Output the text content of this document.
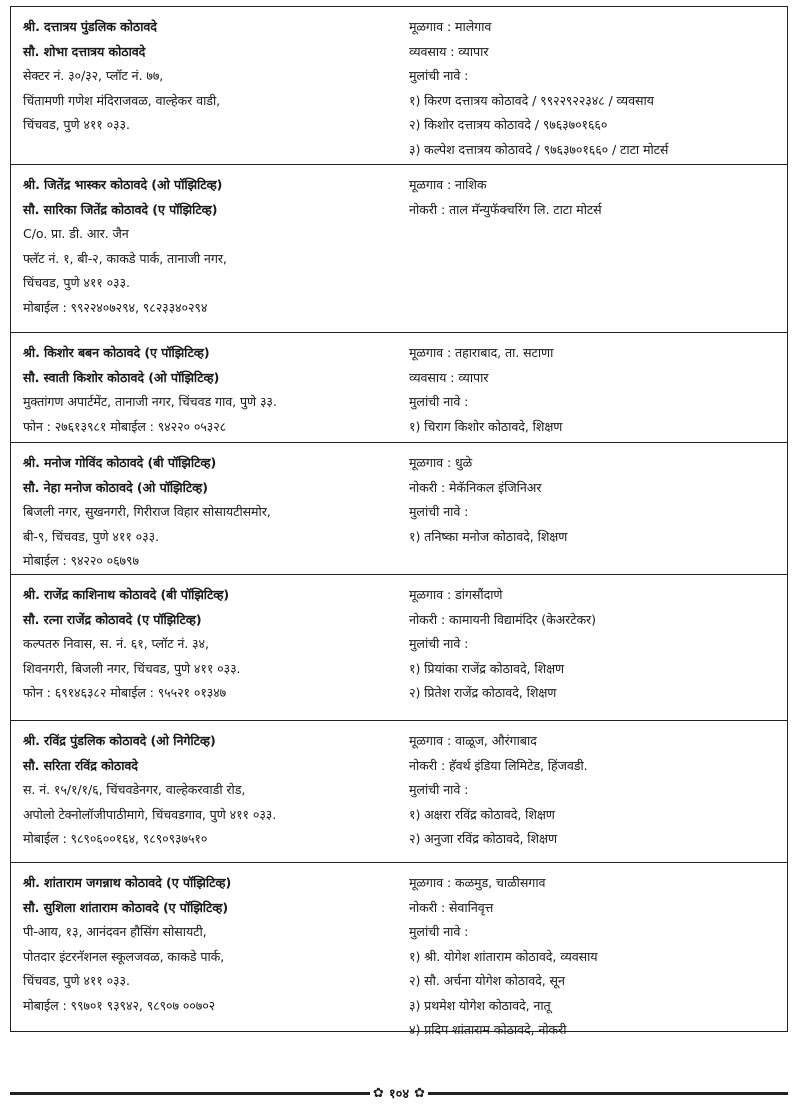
श्री. दत्तात्रय पुंडलिक कोठावदे
सौ. शोभा दत्तात्रय कोठावदे
सेक्टर नं. ३०/३२, प्लॉट नं. ७७,
चिंतामणी गणेश मंदिराजवळ, वाल्हेकर वाडी,
चिंचवड, पुणे ४११ ०३३.
मूळगाव : मालेगाव
व्यवसाय : व्यापार
मुलांची नावे :
१) किरण दत्तात्रय कोठावदे / ९९२२९२२३४८ / व्यवसाय
२) किशोर दत्तात्रय कोठावदे / ९७६३७०१६६०
३) कल्पेश दत्तात्रय कोठावदे / ९७६३७०१६६० / टाटा मोटर्स
श्री. जितेंद्र भास्कर कोठावदे (ओ पॉझिटिव्ह)
सौ. सारिका जितेंद्र कोठावदे (ए पॉझिटिव्ह)
C/o. प्रा. डी. आर. जैन
फ्लॅट नं. १, बी-२, काकडे पार्क, तानाजी नगर,
चिंचवड, पुणे ४११ ०३३.
मोबाईल : ९९२२४०७२९४, ९८२३३४०२९४
मूळगाव : नाशिक
नोकरी : ताल मॅन्युफॅक्चरिंग लि. टाटा मोटर्स
श्री. किशोर बबन कोठावदे (ए पॉझिटिव्ह)
सौ. स्वाती किशोर कोठावदे (ओ पॉझिटिव्ह)
मुक्तांगण अपार्टमेंट, तानाजी नगर, चिंचवड गाव, पुणे ३३.
फोन : २७६१३९८१ मोबाईल : ९४२२० ०५३२८
मूळगाव : तहाराबाद, ता. सटाणा
व्यवसाय : व्यापार
मुलांची नावे :
१) चिराग किशोर कोठावदे, शिक्षण
श्री. मनोज गोविंद कोठावदे (बी पॉझिटिव्ह)
सौ. नेहा मनोज कोठावदे (ओ पॉझिटिव्ह)
बिजली नगर, सुखनगरी, गिरीराज विहार सोसायटीसमोर,
बी-९, चिंचवड, पुणे ४११ ०३३.
मोबाईल : ९४२२० ०६७९७
मूळगाव : धुळे
नोकरी : मेकॅनिकल इंजिनिअर
मुलांची नावे :
१) तनिष्का मनोज कोठावदे, शिक्षण
श्री. राजेंद्र काशिनाथ कोठावदे (बी पॉझिटिव्ह)
सौ. रत्ना राजेंद्र कोठावदे (ए पॉझिटिव्ह)
कल्पतरु निवास, स. नं. ६१, प्लॉट नं. ३४,
शिवनगरी, बिजली नगर, चिंचवड, पुणे ४११ ०३३.
फोन : ६९१४६३८२ मोबाईल : ९५५२१ ०१३४७
मूळगाव : डांगसौंदाणे
नोकरी : कामायनी विद्यामंदिर (केअरटेकर)
मुलांची नावे :
१) प्रियांका राजेंद्र कोठावदे, शिक्षण
२) प्रितेश राजेंद्र कोठावदे, शिक्षण
श्री. रविंद्र पुंडलिक कोठावदे (ओ निगेटिव्ह)
सौ. सरिता रविंद्र कोठावदे
स. नं. १५/१/१/६, चिंचवडेनगर, वाल्हेकरवाडी रोड,
अपोलो टेक्नोलॉजीपाठीमागे, चिंचवडगाव, पुणे ४११ ०३३.
मोबाईल : ९८९०६००१६४, ९८९०९३७५१०
मूळगाव : वाळूज, औरंगाबाद
नोकरी : हॅवर्थ इंडिया लिमिटेड, हिंजवडी.
मुलांची नावे :
१) अक्षरा रविंद्र कोठावदे, शिक्षण
२) अनुजा रविंद्र कोठावदे, शिक्षण
श्री. शांताराम जगन्नाथ कोठावदे (ए पॉझिटिव्ह)
सौ. सुशिला शांताराम कोठावदे (ए पॉझिटिव्ह)
पी-आय, १३, आनंदवन हौसिंग सोसायटी,
पोतदार इंटरनॅशनल स्कूलजवळ, काकडे पार्क,
चिंचवड, पुणे ४११ ०३३.
मोबाईल : ९९७०१ ९३९४२, ९८९०७ ००७०२
मूळगाव : कळमुड, चाळीसगाव
नोकरी : सेवानिवृत्त
मुलांची नावे :
१) श्री. योगेश शांताराम कोठावदे, व्यवसाय
२) सौ. अर्चना योगेश कोठावदे, सून
३) प्रथमेश योगेश कोठावदे, नातू
४) प्रदिप शांताराम कोठावदे, नोकरी
✿ १०४ ✿
